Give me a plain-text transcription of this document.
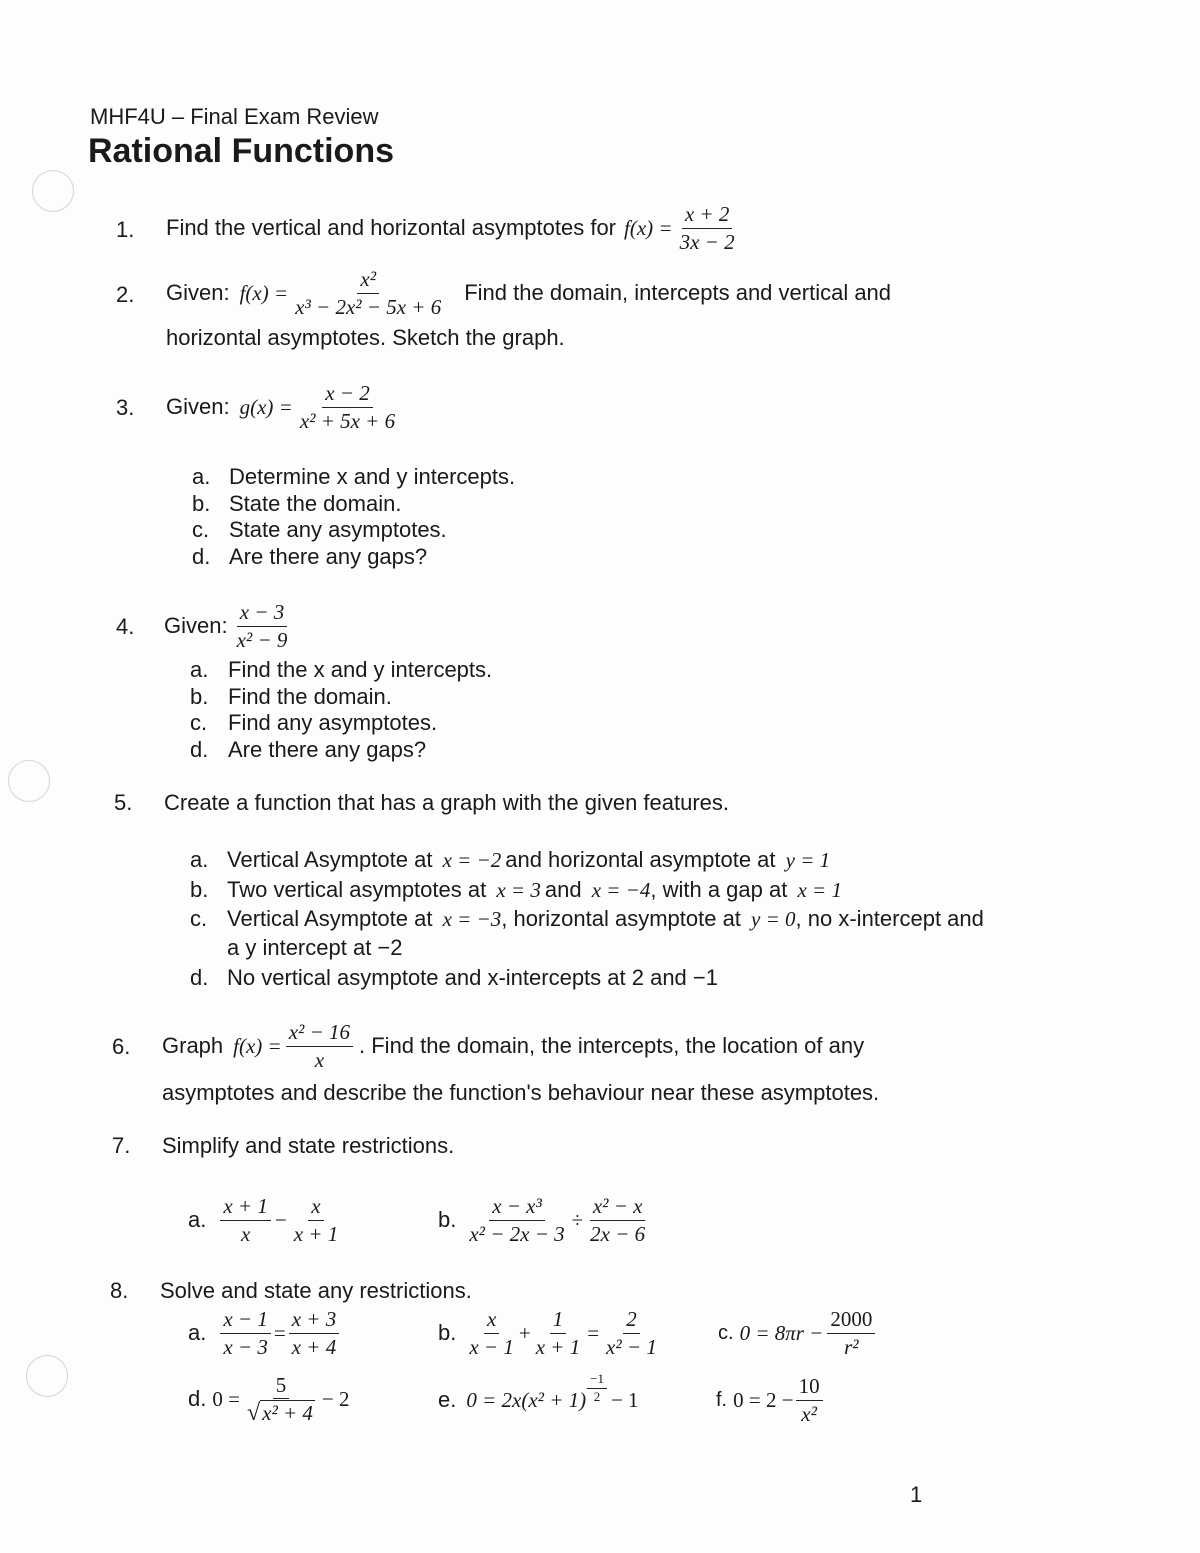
MHF4U – Final Exam Review
Rational Functions
1. Find the vertical and horizontal asymptotes for $f(x) = \frac{x + 2}{3x - 2}$
2. Given: $f(x) = \frac{\text{x²}}{\text{x³ − 2x² − 5x + 6}}$ Find the domain, intercepts and vertical and
horizontal asymptotes. Sketch the graph.
3. Given: $g(x) = \frac{x - 2}{\text{x² + 5x + 6}}$
a. Determine x and y intercepts.
b. State the domain.
c. State any asymptotes.
d. Are there any gaps?
4. Given: $\frac{x - 3}{\text{x² − 9}}$
a. Find the x and y intercepts.
b. Find the domain.
c. Find any asymptotes.
d. Are there any gaps?
5. Create a function that has a graph with the given features.
a. Vertical Asymptote at x = −2 and horizontal asymptote at y = 1
b. Two vertical asymptotes at x = 3 and x = −4, with a gap at x = 1
c. Vertical Asymptote at x = −3, horizontal asymptote at y = 0, no x-intercept and
a y intercept at −2
d. No vertical asymptote and x-intercepts at 2 and −1
6. Graph $f(x) = \frac{\text{x² − 16}}{x}$ . Find the domain, the intercepts, the location of any
asymptotes and describe the function's behaviour near these asymptotes.
7. Simplify and state restrictions.
a. $\frac{x + 1}{x} - \frac{x}{x + 1}$	b. $\frac{\text{x − x³}}{\text{x² − 2x − 3}} \div \frac{\text{x² − x}}{2x - 6}$
8. Solve and state any restrictions.
a. $\frac{x - 1}{x - 3} = \frac{x + 3}{x + 4}$	b. $\frac{x}{x - 1} + \frac{1}{x + 1} = \frac{2}{\text{x² − 1}}$	c. $0 = 8\pi r - \frac{2000}{\text{r²}}$
d. $0 = \frac{5}{\text{√ x² + 4}} - 2$	e. $0 = 2x(x^2 + 1) \frac{-1}{2} - 1$	f. $0 = 2 - \frac{10}{\text{x²}}$
1
